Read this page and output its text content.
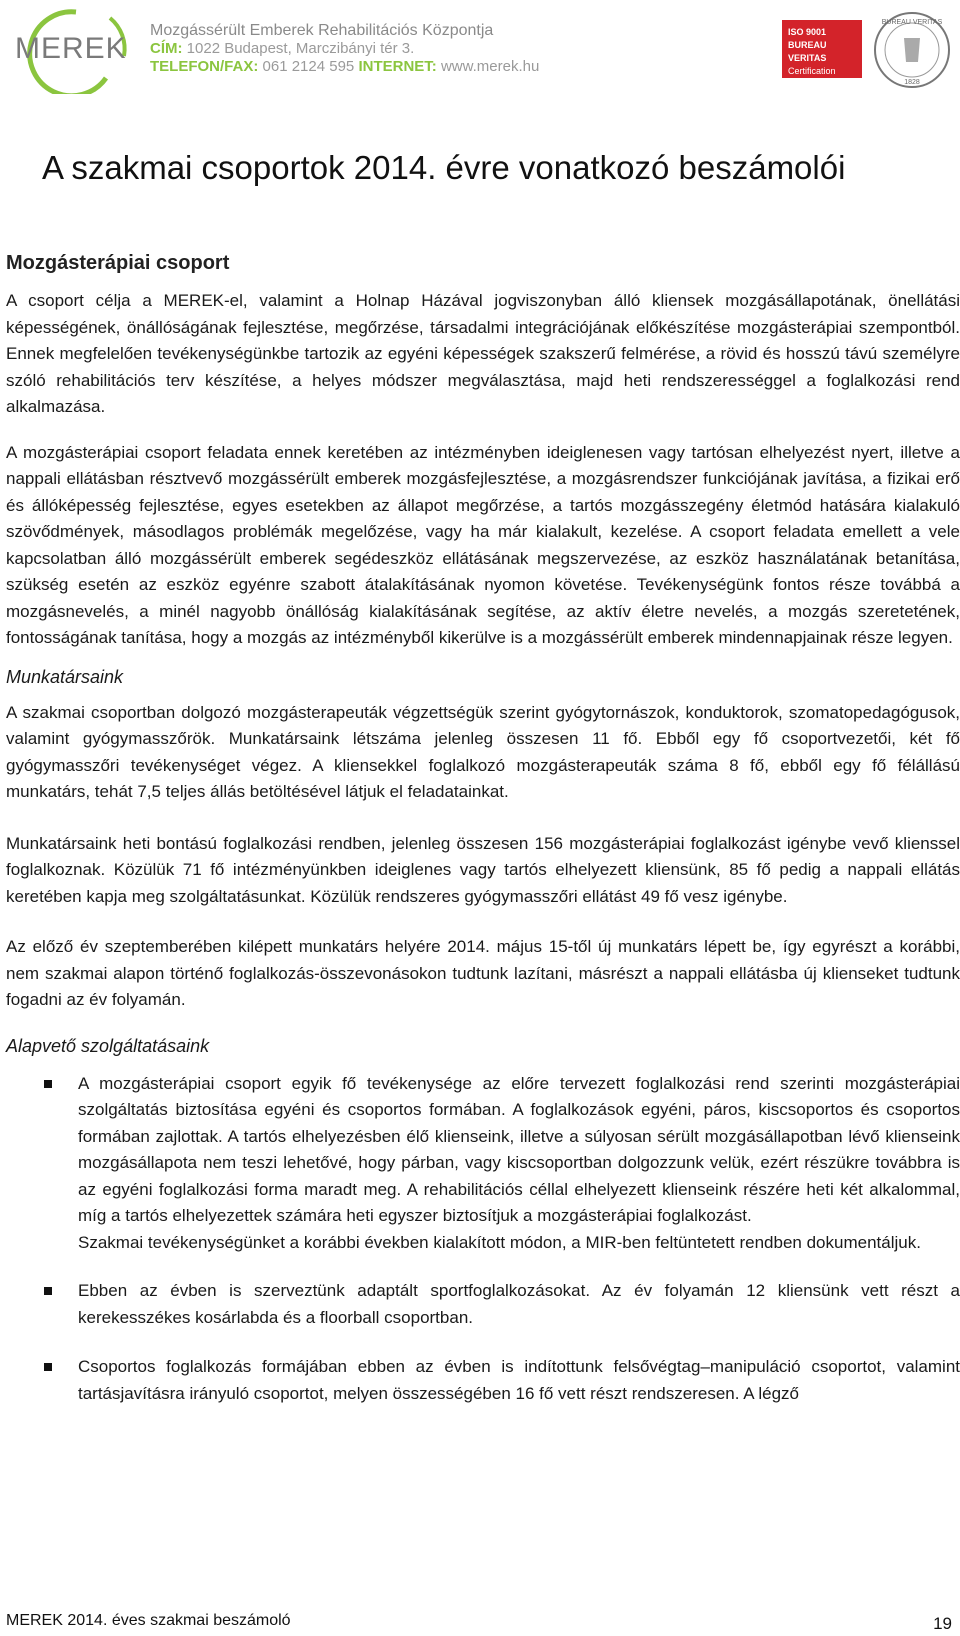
MEREK
Mozgássérült Emberek Rehabilitációs Központja
CÍM: 1022 Budapest, Marczibányi tér 3.
TELEFON/FAX: 061 2124 595 INTERNET: www.merek.hu
ISO 9001
BUREAU VERITAS
Certification
BUREAU VERITAS
1828
A szakmai csoportok 2014. évre vonatkozó beszámolói
Mozgásterápiai csoport

A csoport célja a MEREK-el, valamint a Holnap Házával jogviszonyban álló kliensek mozgásállapotának, önellátási képességének, önállóságának fejlesztése, megőrzése, társadalmi integrációjának előkészítése mozgásterápiai szempontból. Ennek megfelelően tevékenységünkbe tartozik az egyéni képességek szakszerű felmérése, a rövid és hosszú távú személyre szóló rehabilitációs terv készítése, a helyes módszer megválasztása, majd heti rendszerességgel a foglalkozási rend alkalmazása.

A mozgásterápiai csoport feladata ennek keretében az intézményben ideiglenesen vagy tartósan elhelyezést nyert, illetve a nappali ellátásban résztvevő mozgássérült emberek mozgásfejlesztése, a mozgásrendszer funkciójának javítása, a fizikai erő és állóképesség fejlesztése, egyes esetekben az állapot megőrzése, a tartós mozgásszegény életmód hatására kialakuló szövődmények, másodlagos problémák megelőzése, vagy ha már kialakult, kezelése. A csoport feladata emellett a vele kapcsolatban álló mozgássérült emberek segédeszköz ellátásának megszervezése, az eszköz használatának betanítása, szükség esetén az eszköz egyénre szabott átalakításának nyomon követése. Tevékenységünk fontos része továbbá a mozgásnevelés, a minél nagyobb önállóság kialakításának segítése, az aktív életre nevelés, a mozgás szeretetének, fontosságának tanítása, hogy a mozgás az intézményből kikerülve is a mozgássérült emberek mindennapjainak része legyen.

Munkatársaink

A szakmai csoportban dolgozó mozgásterapeuták végzettségük szerint gyógytornászok, konduktorok, szomatopedagógusok, valamint gyógymasszőrök. Munkatársaink létszáma jelenleg összesen 11 fő. Ebből egy fő csoportvezetői, két fő gyógymasszőri tevékenységet végez. A kliensekkel foglalkozó mozgásterapeuták száma 8 fő, ebből egy fő félállású munkatárs, tehát 7,5 teljes állás betöltésével látjuk el feladatainkat.

Munkatársaink heti bontású foglalkozási rendben, jelenleg összesen 156 mozgásterápiai foglalkozást igénybe vevő klienssel foglalkoznak. Közülük 71 fő intézményünkben ideiglenes vagy tartós elhelyezett kliensünk, 85 fő pedig a nappali ellátás keretében kapja meg szolgáltatásunkat. Közülük rendszeres gyógymasszőri ellátást 49 fő vesz igénybe.

Az előző év szeptemberében kilépett munkatárs helyére 2014. május 15-től új munkatárs lépett be, így egyrészt a korábbi, nem szakmai alapon történő foglalkozás-összevonásokon tudtunk lazítani, másrészt a nappali ellátásba új klienseket tudtunk fogadni az év folyamán.

Alapvető szolgáltatásaink
A mozgásterápiai csoport egyik fő tevékenysége az előre tervezett foglalkozási rend szerinti mozgásterápiai szolgáltatás biztosítása egyéni és csoportos formában. A foglalkozások egyéni, páros, kiscsoportos és csoportos formában zajlottak. A tartós elhelyezésben élő klienseink, illetve a súlyosan sérült mozgásállapotban lévő klienseink mozgásállapota nem teszi lehetővé, hogy párban, vagy kiscsoportban dolgozzunk velük, ezért részükre továbbra is az egyéni foglalkozási forma maradt meg. A rehabilitációs céllal elhelyezett klienseink részére heti két alkalommal, míg a tartós elhelyezettek számára heti egyszer biztosítjuk a mozgásterápiai foglalkozást.
Szakmai tevékenységünket a korábbi években kialakított módon, a MIR-ben feltüntetett rendben dokumentáljuk.
Ebben az évben is szerveztünk adaptált sportfoglalkozásokat. Az év folyamán 12 kliensünk vett részt a kerekesszékes kosárlabda és a floorball csoportban.
Csoportos foglalkozás formájában ebben az évben is indítottunk felsővégtag–manipuláció csoportot, valamint tartásjavításra irányuló csoportot, melyen összességében 16 fő vett részt rendszeresen. A légző
MEREK 2014. éves szakmai beszámoló	19
